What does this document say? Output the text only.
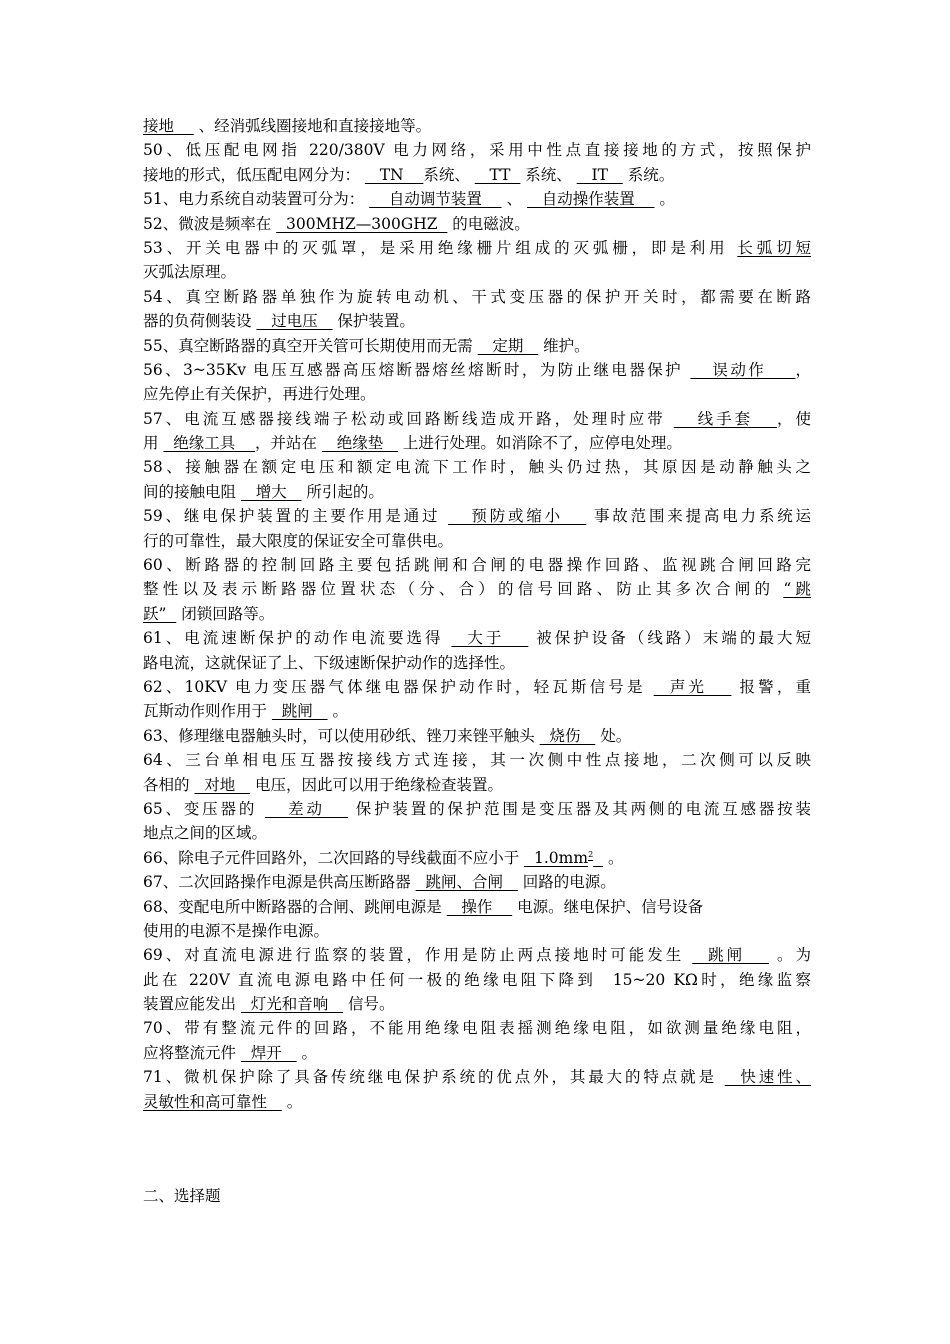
接地     、经消弧线圈接地和直接接地等。
50、低压配电网指 220/380V 电力网络，采用中性点直接接地的方式，按照保护
接地的形式，低压配电网分为：    TN    系统、    TT   系统、    IT    系统。
51、电力系统自动装置可分为：     自动调节装置     、    自动操作装置     。
52、微波是频率在   300MHZ—300GHZ   的电磁波。
53、开关电器中的灭弧罩，是采用绝缘栅片组成的灭弧栅，即是利用 长弧切短
灭弧法原理。
54、真空断路器单独作为旋转电动机、干式变压器的保护开关时，都需要在断路
器的负荷侧装设    过电压    保护装置。
55、真空断路器的真空开关管可长期使用而无需    定期    维护。
56、3~35Kv 电压互感器高压熔断器熔丝熔断时，为防止继电器保护    误动作    ，
应先停止有关保护，再进行处理。
57、电流互感器接线端子松动或回路断线造成开路，处理时应带    线手套   ，使
用   绝缘工具    ，并站在    绝缘垫    上进行处理。如消除不了，应停电处理。
58、接触器在额定电压和额定电流下工作时，触头仍过热，其原因是动静触头之
间的接触电阻    增大    所引起的。
59、继电保护装置的主要作用是通过    预防或缩小    事故范围来提高电力系统运
行的可靠性，最大限度的保证安全可靠供电。
60、断路器的控制回路主要包括跳闸和合闸的电器操作回路、监视跳合闸回路完
整性以及表示断路器位置状态（分、合）的信号回路、防止其多次合闸的 “跳
跃”   闭锁回路等。
61、电流速断保护的动作电流要选得   大于    被保护设备（线路）末端的最大短
路电流，这就保证了上、下级速断保护动作的选择性。
62、10KV 电力变压器气体继电器保护动作时，轻瓦斯信号是   声光    报警，重
瓦斯动作则作用于   跳闸    。
63、修理继电器触头时，可以使用砂纸、锉刀来锉平触头   烧伤    处。
64、三台单相电压互器按接线方式连接，其一次侧中性点接地，二次侧可以反映
各相的   对地    电压，因此可以用于绝缘检查装置。
65、变压器的    差动    保护装置的保护范围是变压器及其两侧的电流互感器按装
地点之间的区域。
66、除电子元件回路外，二次回路的导线截面不应小于   $1.0mm^2$   。
67、二次回路操作电源是供高压断路器   跳闸、合闸    回路的电源。
68、变配电所中断路器的合闸、跳闸电源是    操作     电源。继电保护、信号设备
使用的电源不是操作电源。
69、对直流电源进行监察的装置，作用是防止两点接地时可能发生   跳闸    。为
此在 220V 直流电源电路中任何一极的绝缘电阻下降到  15~20 KΩ时，绝缘监察
装置应能发出   灯光和音响    信号。
70、带有整流元件的回路，不能用绝缘电阻表摇测绝缘电阻，如欲测量绝缘电阻，
应将整流元件   焊开    。
71、微机保护除了具备传统继电保护系统的优点外，其最大的特点就是   快速性、
灵敏性和高可靠性    。
二、选择题
